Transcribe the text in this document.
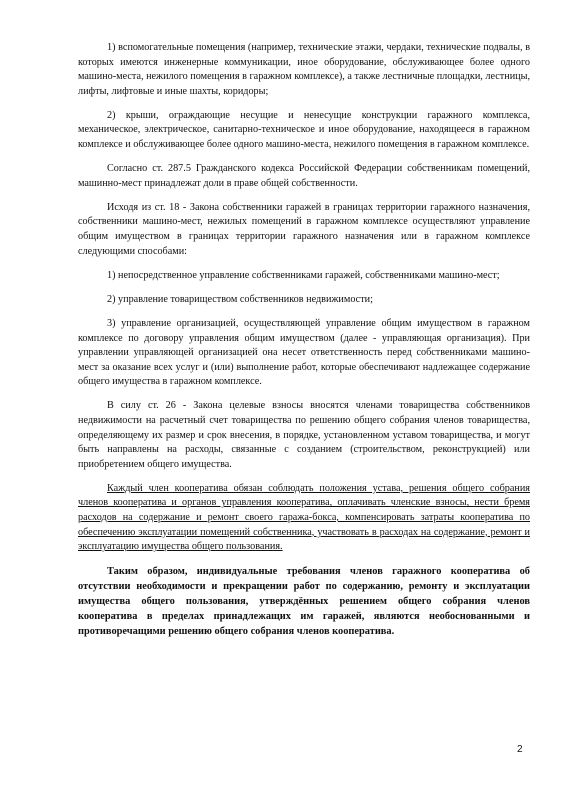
1) вспомогательные помещения (например, технические этажи, чердаки, технические подвалы, в которых имеются инженерные коммуникации, иное оборудование, обслуживающее более одного машино-места, нежилого помещения в гаражном комплексе), а также лестничные площадки, лестницы, лифты, лифтовые и иные шахты, коридоры;

2) крыши, ограждающие несущие и ненесущие конструкции гаражного комплекса, механическое, электрическое, санитарно-техническое и иное оборудование, находящееся в гаражном комплексе и обслуживающее более одного машино-места, нежилого помещения в гаражном комплексе.

Согласно ст. 287.5 Гражданского кодекса Российской Федерации собственникам помещений, машинно-мест принадлежат доли в праве общей собственности.

Исходя из ст. 18 - Закона собственники гаражей в границах территории гаражного назначения, собственники машино-мест, нежилых помещений в гаражном комплексе осуществляют управление общим имуществом в границах территории гаражного назначения или в гаражном комплексе следующими способами:

1) непосредственное управление собственниками гаражей, собственниками машино-мест;

2) управление товариществом собственников недвижимости;

3) управление организацией, осуществляющей управление общим имуществом в гаражном комплексе по договору управления общим имуществом (далее - управляющая организация). При управлении управляющей организацией она несет ответственность перед собственниками машино-мест за оказание всех услуг и (или) выполнение работ, которые обеспечивают надлежащее содержание общего имущества в гаражном комплексе.

В силу ст. 26 - Закона целевые взносы вносятся членами товарищества собственников недвижимости на расчетный счет товарищества по решению общего собрания членов товарищества, определяющему их размер и срок внесения, в порядке, установленном уставом товарищества, и могут быть направлены на расходы, связанные с созданием (строительством, реконструкцией) или приобретением общего имущества.

Каждый член кооператива обязан соблюдать положения устава, решения общего собрания членов кооператива и органов управления кооператива, оплачивать членские взносы, нести бремя расходов на содержание и ремонт своего гаража-бокса, компенсировать затраты кооператива по обеспечению эксплуатации помещений собственника, участвовать в расходах на содержание, ремонт и эксплуатацию имущества общего пользования.

Таким образом, индивидуальные требования членов гаражного кооператива об отсутствии необходимости и прекращении работ по содержанию, ремонту и эксплуатации имущества общего пользования, утверждённых решением общего собрания членов кооператива в пределах принадлежащих им гаражей, являются необоснованными и противоречащими решению общего собрания членов кооператива.

2
